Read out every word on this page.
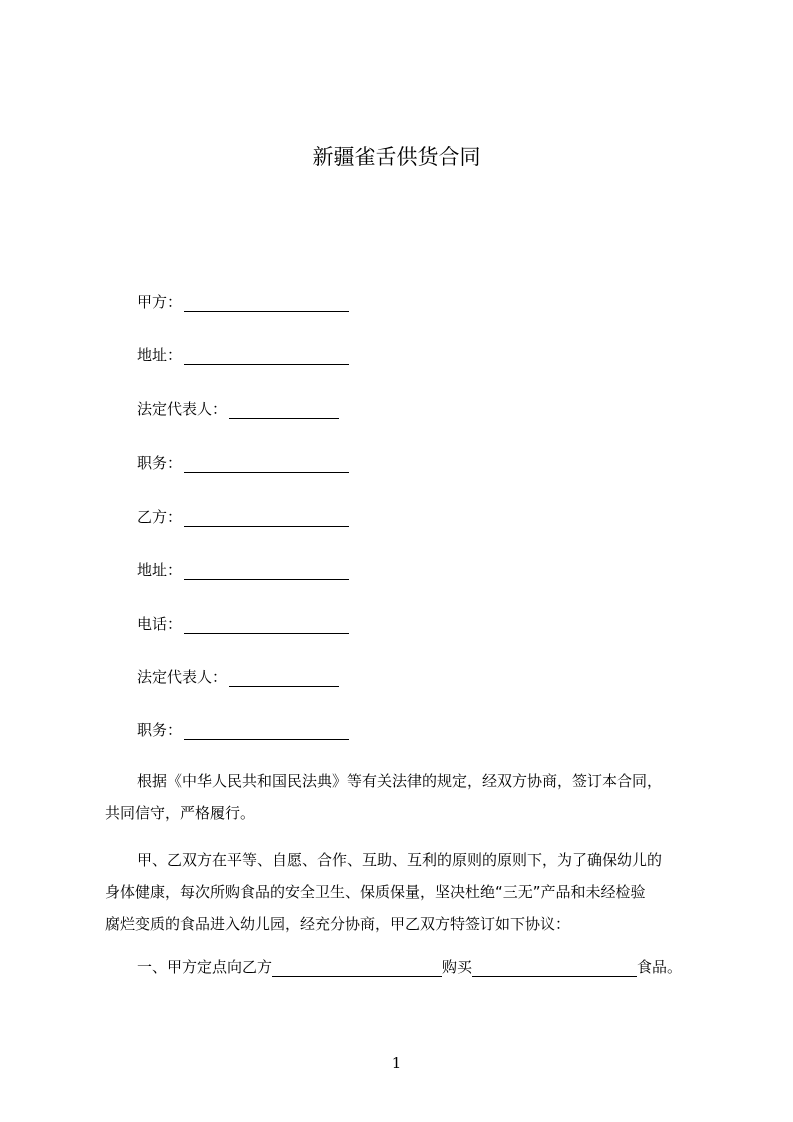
新疆雀舌供货合同
甲方：
地址：
法定代表人：
职务：
乙方：
地址：
电话：
法定代表人：
职务：
根据《中华人民共和国民法典》等有关法律的规定，经双方协商，签订本合同，
共同信守，严格履行。
甲、乙双方在平等、自愿、合作、互助、互利的原则的原则下，为了确保幼儿的
身体健康，每次所购食品的安全卫生、保质保量，坚决杜绝“三无”产品和未经检验
腐烂变质的食品进入幼儿园，经充分协商，甲乙双方特签订如下协议：
一、甲方定点向乙方	购买	食品。
1
